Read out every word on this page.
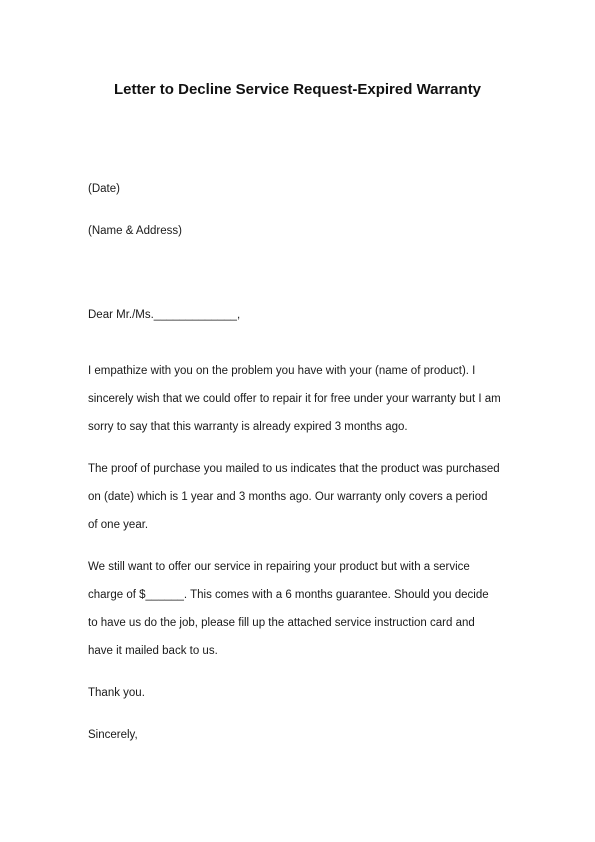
Letter to Decline Service Request-Expired Warranty
(Date)
(Name & Address)
Dear Mr./Ms._____________,
I empathize with you on the problem you have with your (name of product). I
sincerely wish that we could offer to repair it for free under your warranty but I am
sorry to say that this warranty is already expired 3 months ago.
The proof of purchase you mailed to us indicates that the product was purchased
on (date) which is 1 year and 3 months ago. Our warranty only covers a period
of one year.
We still want to offer our service in repairing your product but with a service
charge of $______. This comes with a 6 months guarantee. Should you decide
to have us do the job, please fill up the attached service instruction card and
have it mailed back to us.
Thank you.
Sincerely,
